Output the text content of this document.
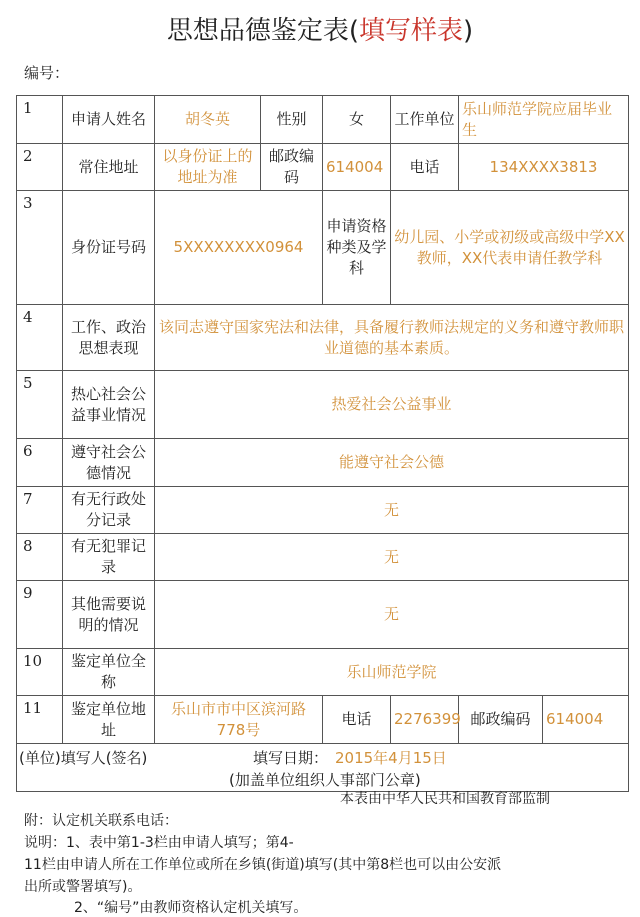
思想品德鉴定表(填写样表)
编号：
1	申请人姓名	胡冬英	性别	女	工作单位	乐山师范学院应届毕业生	
2	常住地址	以身份证上的地址为准	邮政编码	614004	电话	134XXXX3813	
3	身份证号码	5XXXXXXXX0964		申请资格种类及学科	幼儿园、小学或初级或高级中学XX教师，XX代表申请任教学科		
4	工作、政治思想表现	该同志遵守国家宪法和法律，具备履行教师法规定的义务和遵守教师职业道德的基本素质。					
5	热心社会公益事业情况	热爱社会公益事业					
6	遵守社会公德情况	能遵守社会公德					
7	有无行政处分记录	无					
8	有无犯罪记录	无					
9	其他需要说明的情况	无					
10	鉴定单位全称	乐山师范学院					
11	鉴定单位地址	乐山市市中区滨河路778号		电话	2276399	邮政编码	614004

(单位)填写人(签名) 填写日期： 2015年4月15日
(加盖单位组织人事部门公章)							
本表由中华人民共和国教育部监制
附：认定机关联系电话：
说明：1、表中第1-3栏由申请人填写；第4-
11栏由申请人所在工作单位或所在乡镇(街道)填写(其中第8栏也可以由公安派
出所或警署填写)。
2、“编号”由教师资格认定机关填写。
